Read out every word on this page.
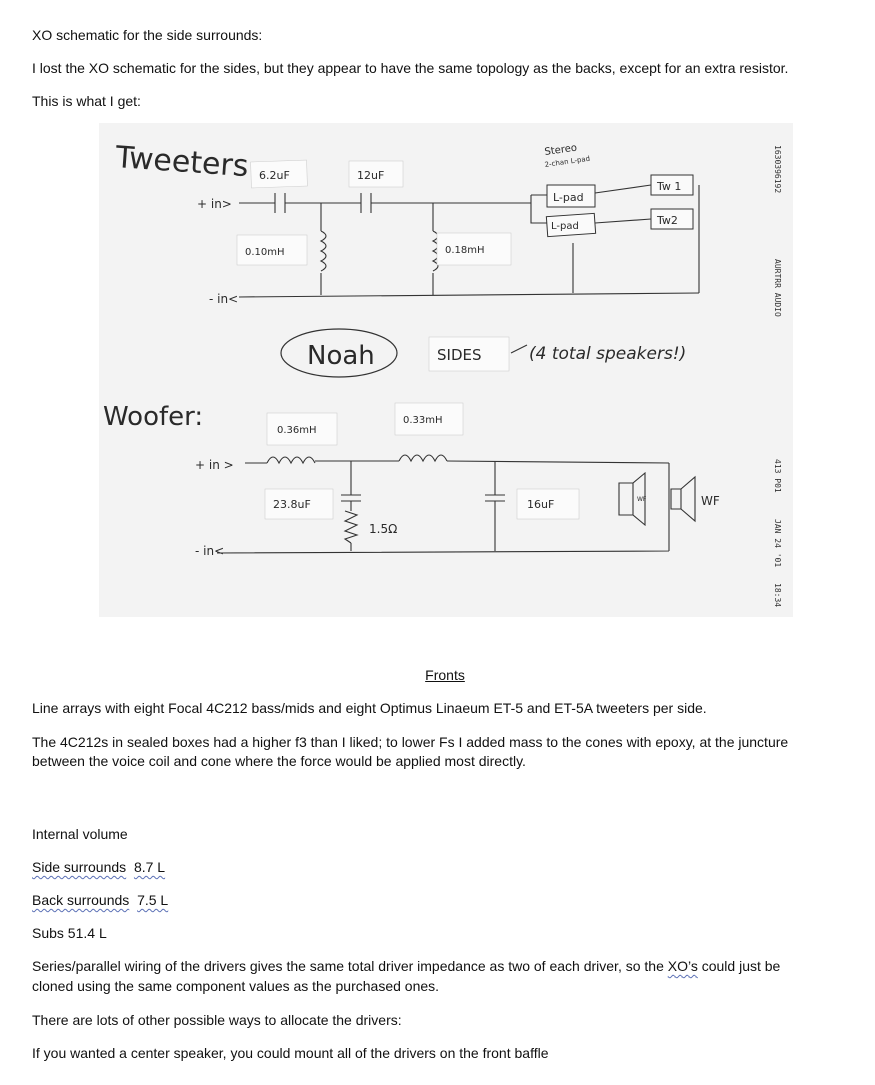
XO schematic for the side surrounds:

I lost the XO schematic for the sides, but they appear to have the same topology as the backs, except for an extra resistor.

This is what I get:

Tweeters
+ in>
- in<
6.2uF	12uF
0.10mH	0.18mH
Stereo
2-chan L-pad
L-pad
L-pad
Tw 1
Tw2
Noah	SIDES	(4 total speakers!)
Woofer:
+ in >
- in<
0.36mH
0.33mH
23.8uF
1.5Ω
16uF	WF	WF
1630396192
AURTRR AUDIO
413 P01
JAN 24 '01
18:34
Fronts

Line arrays with eight Focal 4C212 bass/mids and eight Optimus Linaeum ET-5 and ET-5A tweeters per side.

The 4C212s in sealed boxes had a higher f3 than I liked; to lower Fs I added mass to the cones with epoxy, at the juncture

between the voice coil and cone where the force would be applied most directly.

Internal volume

Side surrounds 8.7 L

Back surrounds 7.5 L

Subs 51.4 L

Series/parallel wiring of the drivers gives the same total driver impedance as two of each driver, so the XO’s could just be

cloned using the same component values as the purchased ones.

There are lots of other possible ways to allocate the drivers:

If you wanted a center speaker, you could mount all of the drivers on the front baffle
